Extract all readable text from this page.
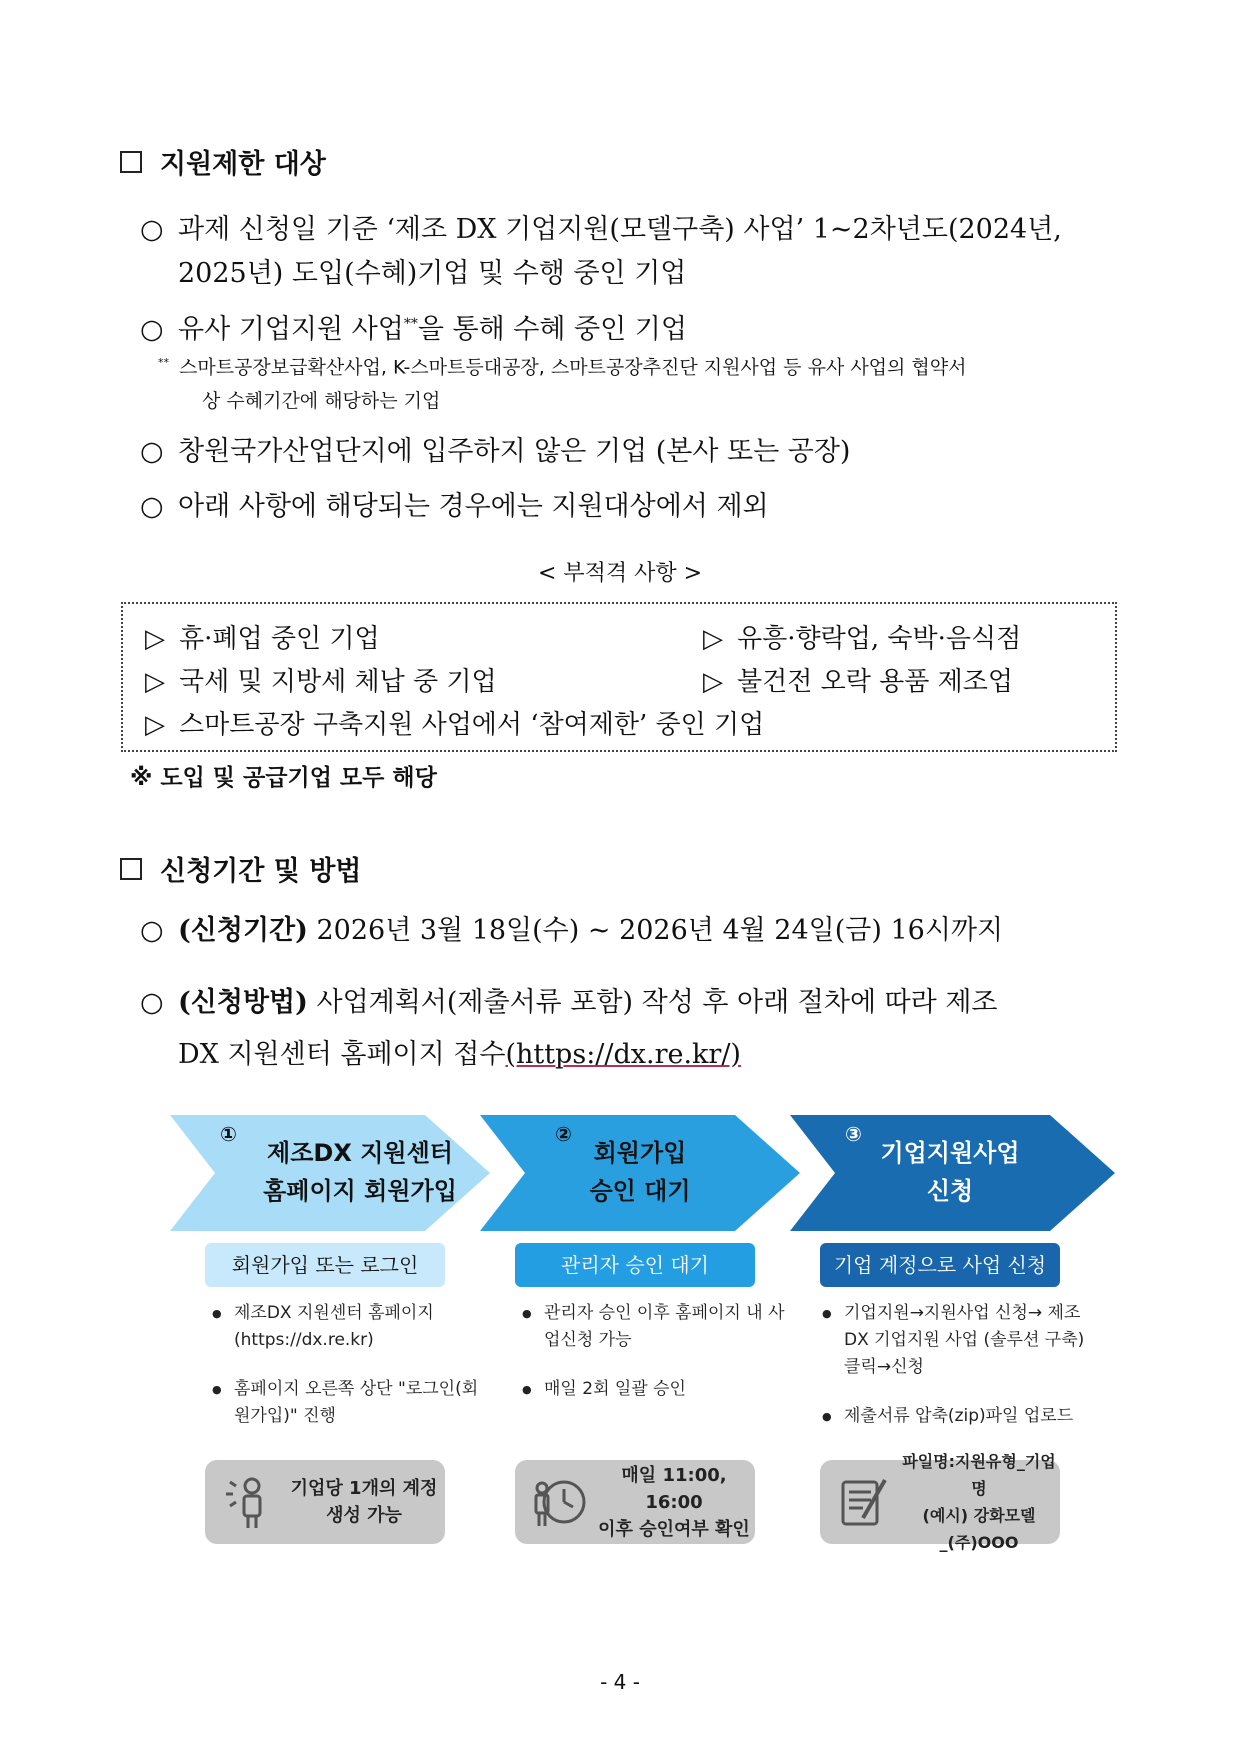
지원제한 대상
○ 과제 신청일 기준 ‘제조 DX 기업지원(모델구축) 사업’ 1~2차년도(2024년,
2025년) 도입(수혜)기업 및 수행 중인 기업
○ 유사 기업지원 사업**을 통해 수혜 중인 기업
** 스마트공장보급확산사업, K-스마트등대공장, 스마트공장추진단 지원사업 등 유사 사업의 협약서
상 수혜기간에 해당하는 기업
○ 창원국가산업단지에 입주하지 않은 기업 (본사 또는 공장)
○ 아래 사항에 해당되는 경우에는 지원대상에서 제외
< 부적격 사항 >
▷ 휴·폐업 중인 기업	▷ 유흥·향락업, 숙박·음식점
▷ 국세 및 지방세 체납 중 기업	▷ 불건전 오락 용품 제조업
▷ 스마트공장 구축지원 사업에서 ‘참여제한’ 중인 기업
※ 도입 및 공급기업 모두 해당
신청기간 및 방법
○ (신청기간) 2026년 3월 18일(수) ~ 2026년 4월 24일(금) 16시까지
○ (신청방법) 사업계획서(제출서류 포함) 작성 후 아래 절차에 따라 제조
DX 지원센터 홈페이지 접수(https://dx.re.kr/)
①
제조DX 지원센터
홈페이지 회원가입
회원가입 또는 로그인
● 제조DX 지원센터 홈페이지 (https://dx.re.kr)
● 홈페이지 오른쪽 상단 "로그인(회원가입)" 진행
기업당 1개의 계정
생성 가능
②
회원가입
승인 대기
관리자 승인 대기
● 관리자 승인 이후 홈페이지 내 사업신청 가능
● 매일 2회 일괄 승인
매일 11:00, 16:00
이후 승인여부 확인
③
기업지원사업
신청
기업 계정으로 사업 신청
● 기업지원→지원사업 신청→ 제조DX 기업지원 사업 (솔루션 구축) 클릭→신청
● 제출서류 압축(zip)파일 업로드
파일명:지원유형_기업명
(예시) 강화모델_(주)OOO
- 4 -
